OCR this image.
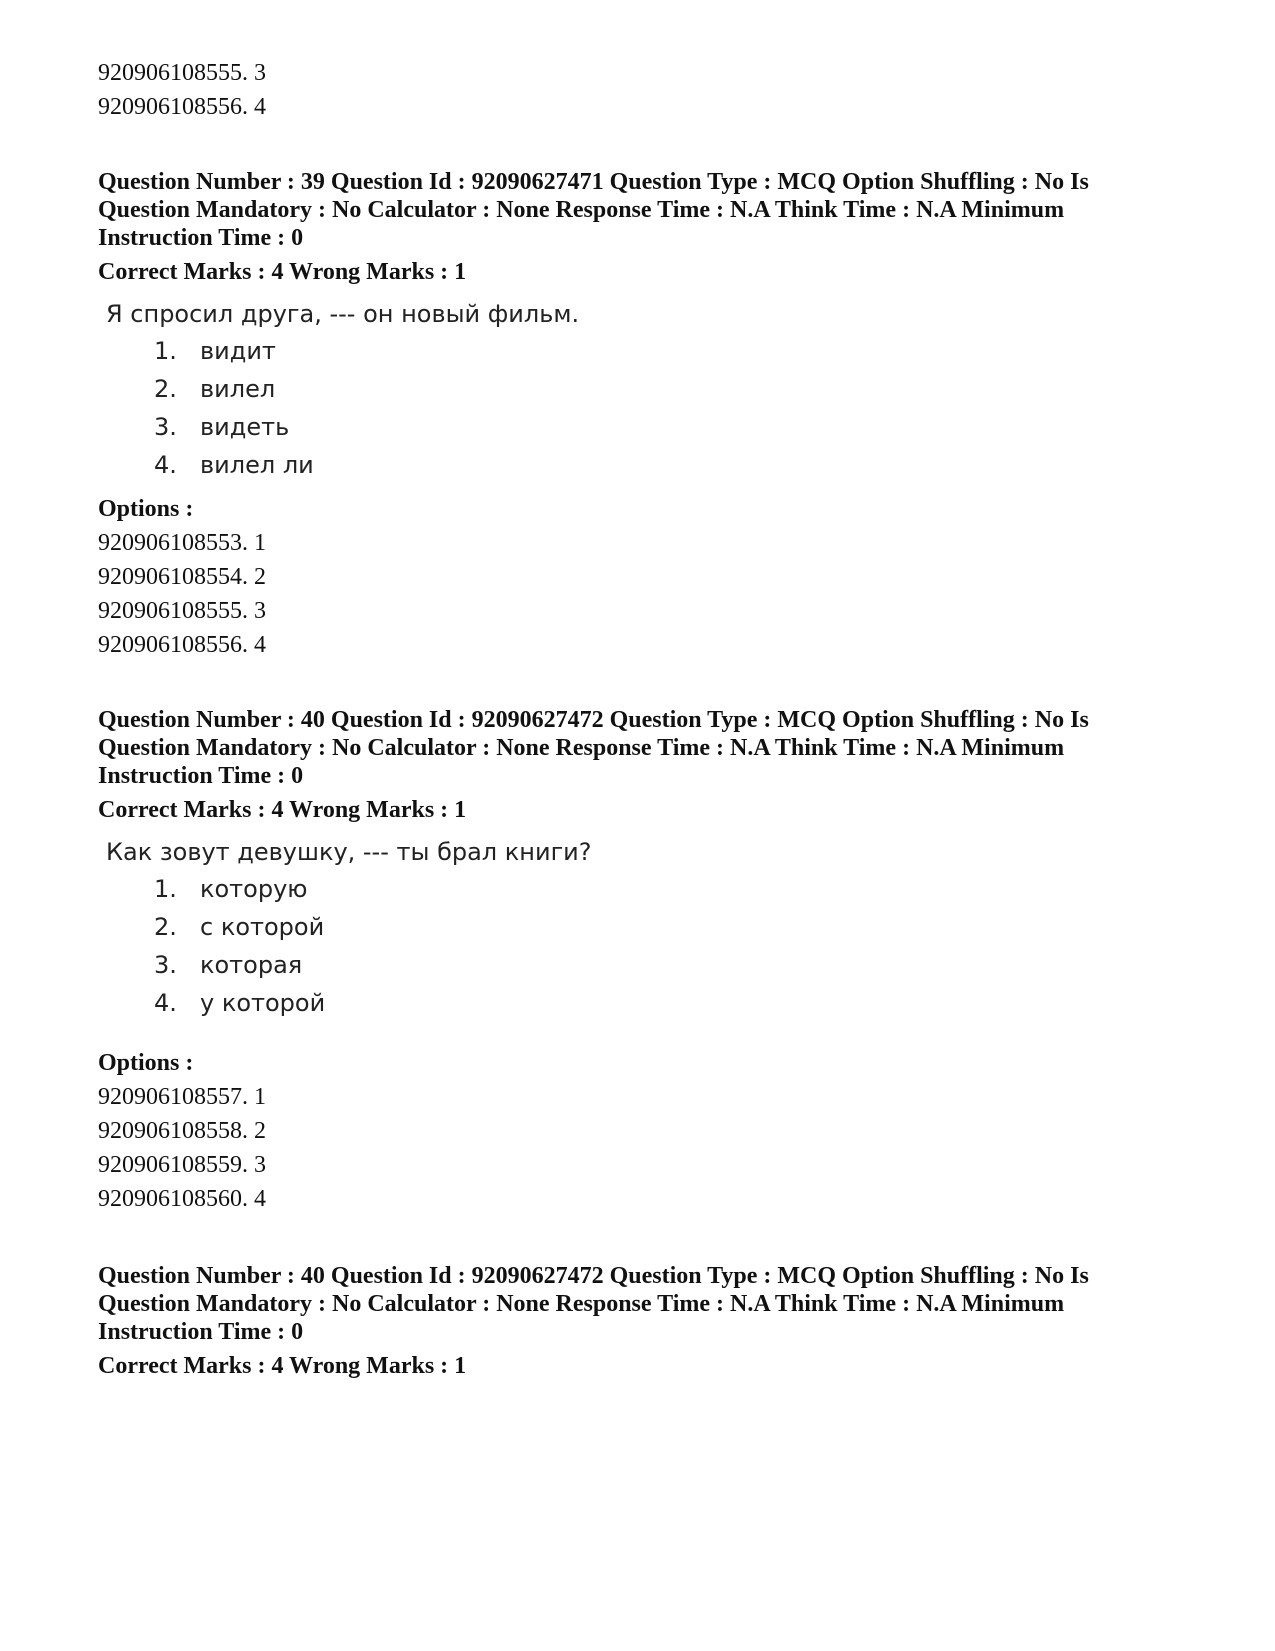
920906108555. 3

920906108556. 4

Question Number : 39 Question Id : 92090627471 Question Type : MCQ Option Shuffling : No Is

Question Mandatory : No Calculator : None Response Time : N.A Think Time : N.A Minimum

Instruction Time : 0

Correct Marks : 4 Wrong Marks : 1

Я спросил друга, --- он новый фильм.

1. видит
2. вилел
3. видеть
4. вилел ли

Options :

920906108553. 1

920906108554. 2

920906108555. 3

920906108556. 4

Question Number : 40 Question Id : 92090627472 Question Type : MCQ Option Shuffling : No Is

Question Mandatory : No Calculator : None Response Time : N.A Think Time : N.A Minimum

Instruction Time : 0

Correct Marks : 4 Wrong Marks : 1

Как зовут девушку, --- ты брал книги?

1. которую
2. с которой
3. которая
4. у которой

Options :

920906108557. 1

920906108558. 2

920906108559. 3

920906108560. 4

Question Number : 40 Question Id : 92090627472 Question Type : MCQ Option Shuffling : No Is

Question Mandatory : No Calculator : None Response Time : N.A Think Time : N.A Minimum

Instruction Time : 0

Correct Marks : 4 Wrong Marks : 1
